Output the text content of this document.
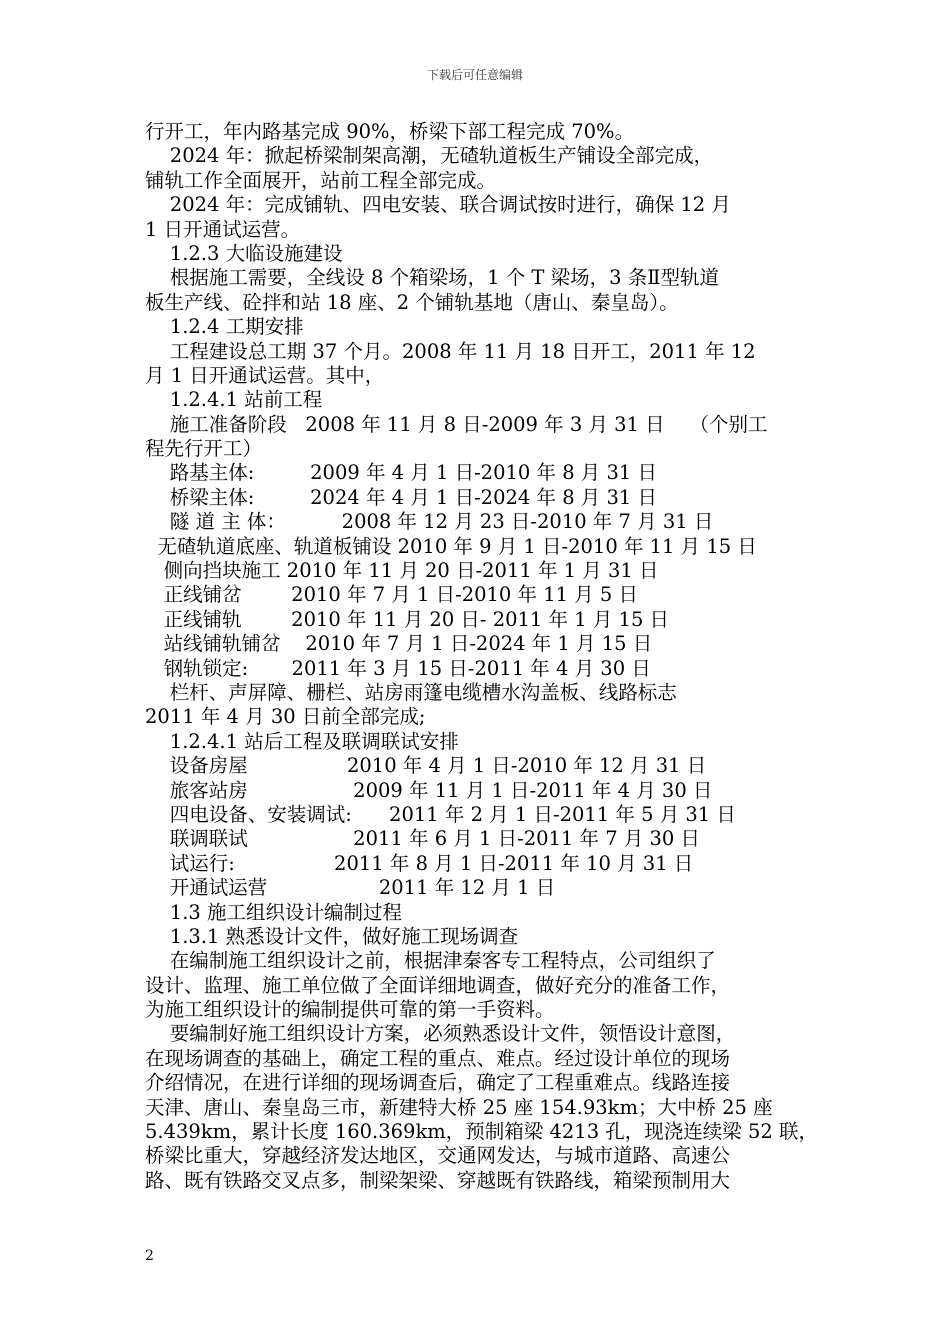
下载后可任意编辑
行开工，年内路基完成 90%，桥梁下部工程完成 70%。
2024 年：掀起桥梁制架高潮，无碴轨道板生产铺设全部完成，
铺轨工作全面展开，站前工程全部完成。
2024 年：完成铺轨、四电安装、联合调试按时进行，确保 12 月
1 日开通试运营。
1.2.3 大临设施建设
根据施工需要，全线设 8 个箱梁场，1 个 T 梁场，3 条Ⅱ型轨道
板生产线、砼拌和站 18 座、2 个铺轨基地（唐山、秦皇岛）。
1.2.4 工期安排
工程建设总工期 37 个月。2008 年 11 月 18 日开工，2011 年 12
月 1 日开通试运营。其中，
1.2.4.1 站前工程
施工准备阶段   2008 年 11 月 8 日-2009 年 3 月 31 日    （个别工
程先行开工）
路基主体:         2009 年 4 月 1 日-2010 年 8 月 31 日
桥梁主体:         2024 年 4 月 1 日-2024 年 8 月 31 日
隧 道 主 体：         2008 年 12 月 23 日-2010 年 7 月 31 日
无碴轨道底座、轨道板铺设 2010 年 9 月 1 日-2010 年 11 月 15 日
侧向挡块施工 2010 年 11 月 20 日-2011 年 1 月 31 日
正线铺岔        2010 年 7 月 1 日-2010 年 11 月 5 日
正线铺轨        2010 年 11 月 20 日- 2011 年 1 月 15 日
站线铺轨铺岔    2010 年 7 月 1 日-2024 年 1 月 15 日
钢轨锁定:       2011 年 3 月 15 日-2011 年 4 月 30 日
栏杆、声屏障、栅栏、站房雨篷电缆槽水沟盖板、线路标志
2011 年 4 月 30 日前全部完成;
1.2.4.1 站后工程及联调联试安排
设备房屋                2010 年 4 月 1 日-2010 年 12 月 31 日
旅客站房                 2009 年 11 月 1 日-2011 年 4 月 30 日
四电设备、安装调试:      2011 年 2 月 1 日-2011 年 5 月 31 日
联调联试                 2011 年 6 月 1 日-2011 年 7 月 30 日
试运行:                2011 年 8 月 1 日-2011 年 10 月 31 日
开通试运营                  2011 年 12 月 1 日
1.3 施工组织设计编制过程
1.3.1 熟悉设计文件，做好施工现场调查
在编制施工组织设计之前，根据津秦客专工程特点，公司组织了
设计、监理、施工单位做了全面详细地调查，做好充分的准备工作，
为施工组织设计的编制提供可靠的第一手资料。
要编制好施工组织设计方案，必须熟悉设计文件，领悟设计意图，
在现场调查的基础上，确定工程的重点、难点。经过设计单位的现场
介绍情况，在进行详细的现场调查后，确定了工程重难点。线路连接
天津、唐山、秦皇岛三市，新建特大桥 25 座 154.93km；大中桥 25 座
5.439km，累计长度 160.369km，预制箱梁 4213 孔，现浇连续梁 52 联，
桥梁比重大，穿越经济发达地区，交通网发达，与城市道路、高速公
路、既有铁路交叉点多，制梁架梁、穿越既有铁路线，箱梁预制用大
2
